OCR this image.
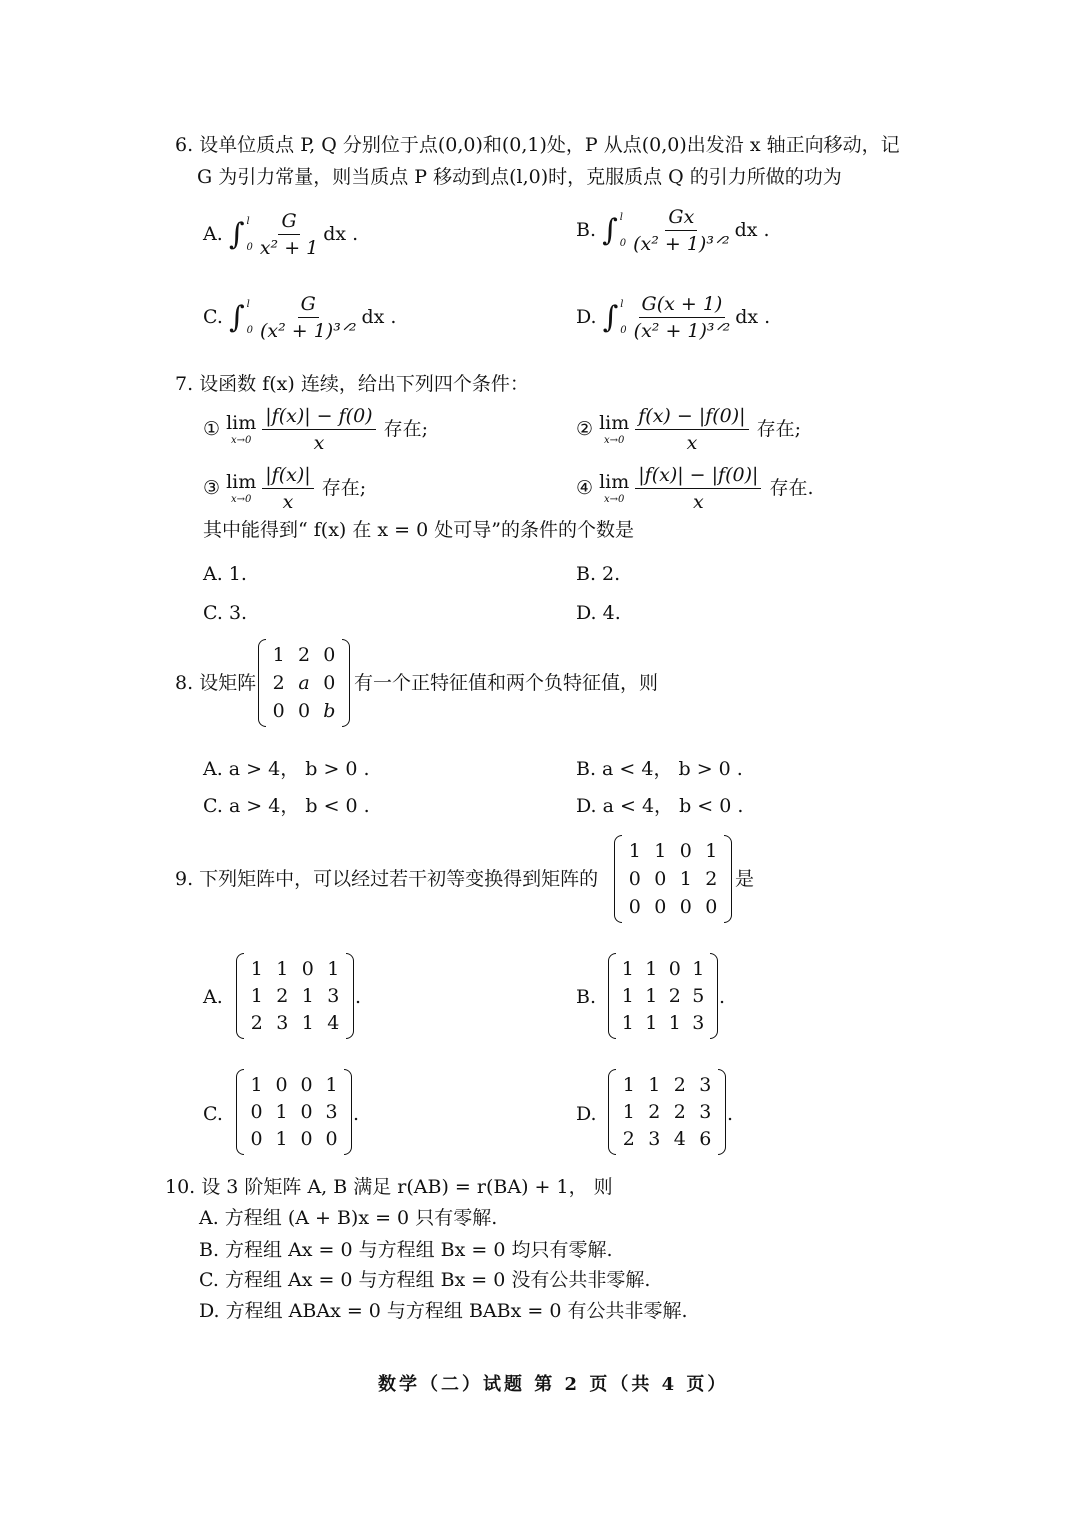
6. 设单位质点 P, Q 分别位于点(0,0)和(0,1)处，P 从点(0,0)出发沿 x 轴正向移动，记
G 为引力常量，则当质点 P 移动到点(l,0)时，克服质点 Q 的引力所做的功为
A. ∫ l
$0 \frac{G}{\text{x² + 1}}$ dx .	B. ∫ l
$0 \frac{Gx}{\text{(x² + 1)³ᐟ²}}$ dx .
C. ∫ l
$0 \frac{G}{\text{(x² + 1)³ᐟ²}}$ dx .	D. ∫ l
$0 \frac{G(x + 1)}{\text{(x² + 1)³ᐟ²}}$ dx .
7. 设函数 f(x) 连续，给出下列四个条件：
① lim
$x\to 0 \frac{|f(x)| - f(0)}{x}$ 存在;	② lim
$x\to 0 \frac{f(x) - |f(0)|}{x}$ 存在;
③ lim
$x\to 0 \frac{|f(x)|}{x}$ 存在;	④ lim
$x\to 0 \frac{|f(x)| - |f(0)|}{x}$ 存在.
其中能得到“ f(x) 在 x = 0 处可导”的条件的个数是
A. 1.	B. 2.
C. 3.	D. 4.
8. 设矩阵
1 2 0
2 a 0
0 0 b
有一个正特征值和两个负特征值，则
A. a > 4， b > 0 .	B. a < 4， b > 0 .
C. a > 4， b < 0 .	D. a < 4， b < 0 .
9. 下列矩阵中，可以经过若干初等变换得到矩阵的
1 1 0 1
0 0 1 2
0 0 0 0
是
A.
1 1 0 1
1 2 1 3
2 3 1 4
.	B.
1 1 0 1
1 1 2 5
1 1 1 3
.
C.
1 0 0 1
0 1 0 3
0 1 0 0
.	D.
1 1 2 3
1 2 2 3
2 3 4 6
.
10. 设 3 阶矩阵 A, B 满足 r(AB) = r(BA) + 1， 则
A. 方程组 (A + B)x = 0 只有零解.
B. 方程组 Ax = 0 与方程组 Bx = 0 均只有零解.
C. 方程组 Ax = 0 与方程组 Bx = 0 没有公共非零解.
D. 方程组 ABAx = 0 与方程组 BABx = 0 有公共非零解.
数学（二）试题 第 2 页（共 4 页）
